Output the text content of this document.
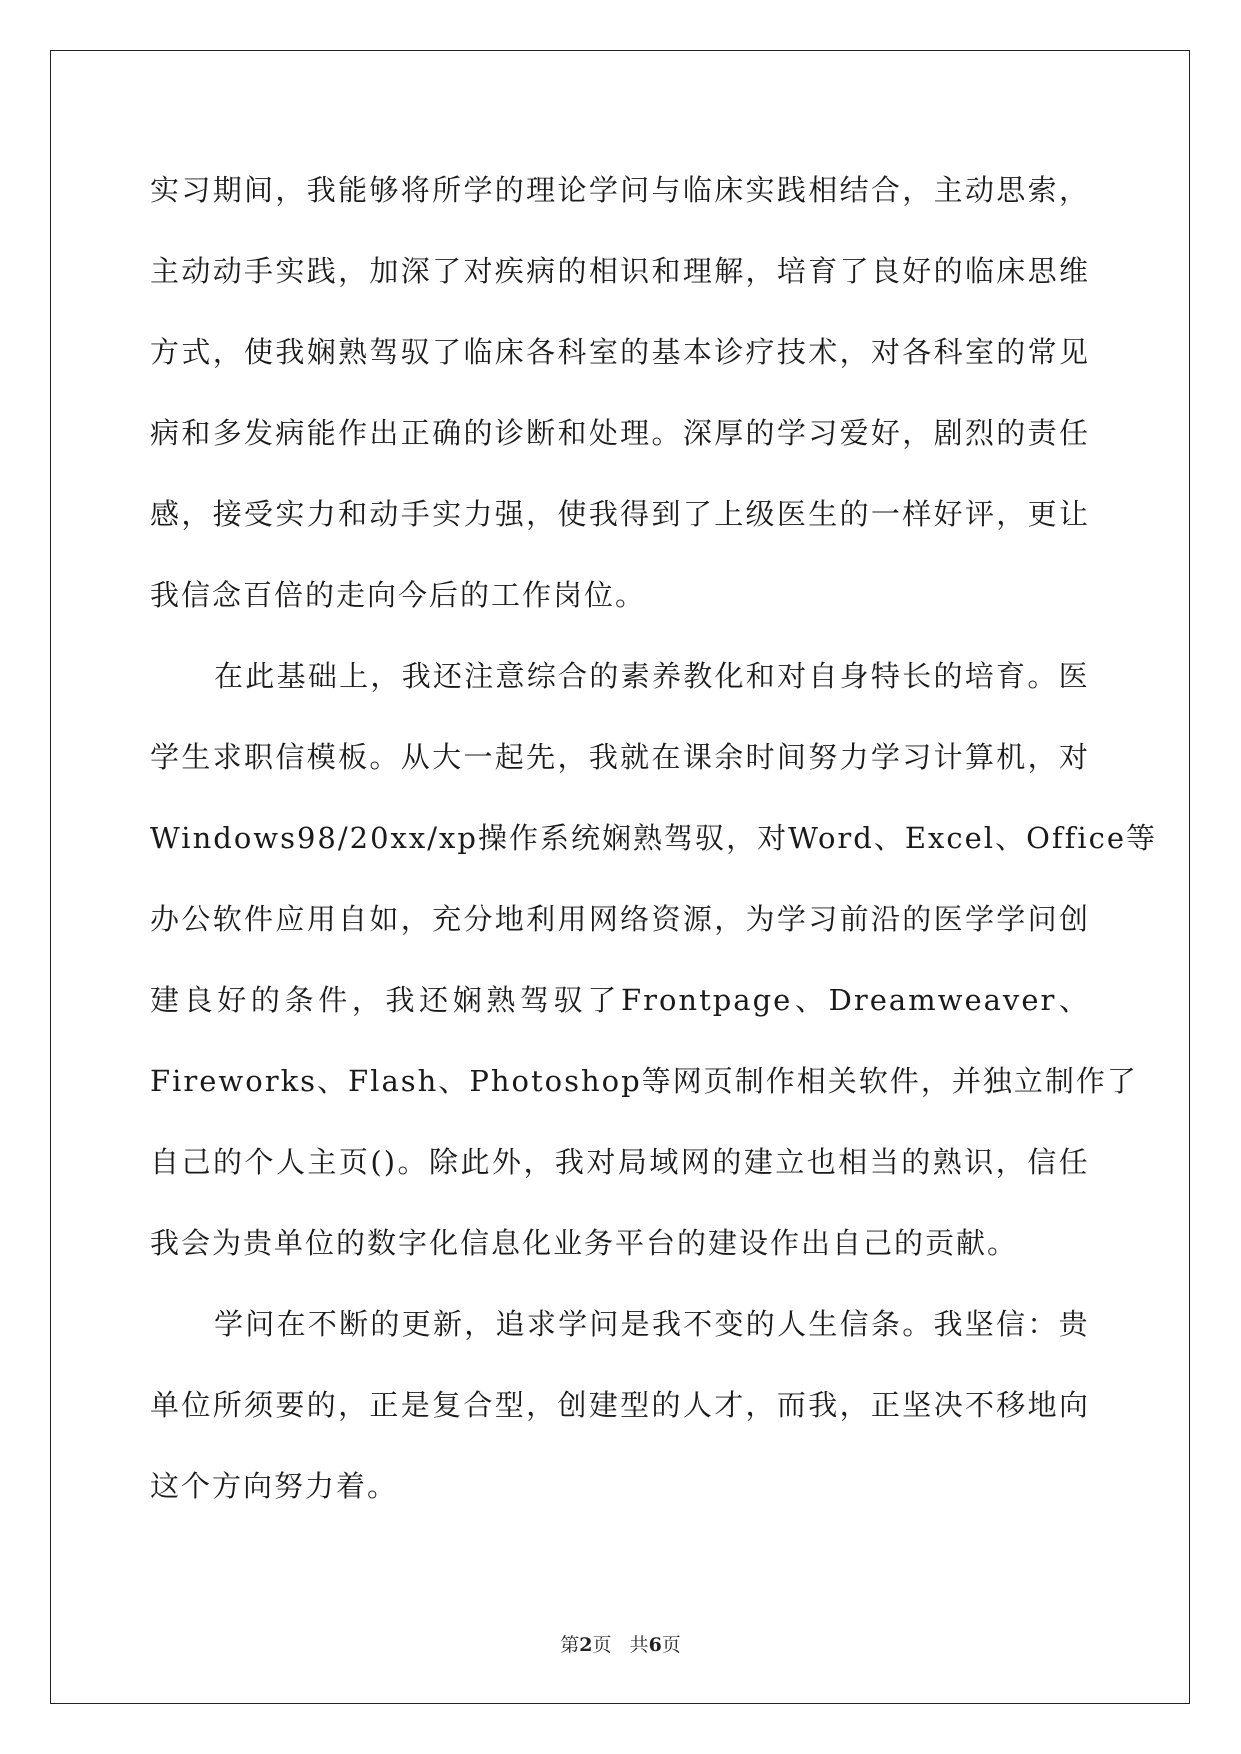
实 习 期 间 ， 我 能 够 将 所 学 的 理 论 学 问 与 临 床 实 践 相 结 合 ， 主 动 思 索 ，
主 动 动 手 实 践 ， 加 深 了 对 疾 病 的 相 识 和 理 解 ， 培 育 了 良 好 的 临 床 思 维
方 式 ， 使 我 娴 熟 驾 驭 了 临 床 各 科 室 的 基 本 诊 疗 技 术 ， 对 各 科 室 的 常 见
病 和 多 发 病 能 作 出 正 确 的 诊 断 和 处 理 。 深 厚 的 学 习 爱 好 ， 剧 烈 的 责 任
感 ， 接 受 实 力 和 动 手 实 力 强 ， 使 我 得 到 了 上 级 医 生 的 一 样 好 评 ， 更 让
我信念百倍的走向今后的工作岗位。
在 此 基 础 上 ， 我 还 注 意 综 合 的 素 养 教 化 和 对 自 身 特 长 的 培 育 。 医
学 生 求 职 信 模 板 。 从 大 一 起 先 ， 我 就 在 课 余 时 间 努 力 学 习 计 算 机 ， 对
Windows98/20xx/xp 操 作 系 统 娴 熟 驾 驭 ， 对 Word 、 Excel 、 Office 等
办 公 软 件 应 用 自 如 ， 充 分 地 利 用 网 络 资 源 ， 为 学 习 前 沿 的 医 学 学 问 创
建 良 好 的 条 件 ， 我 还 娴 熟 驾 驭 了 Frontpage 、 Dreamweaver 、
Fireworks 、 Flash 、 Photoshop 等 网 页 制 作 相 关 软 件 ， 并 独 立 制 作 了
自 己 的 个 人 主 页 () 。 除 此 外 ， 我 对 局 域 网 的 建 立 也 相 当 的 熟 识 ， 信 任
我会为贵单位的数字化信息化业务平台的建设作出自己的贡献。
学 问 在 不 断 的 更 新 ， 追 求 学 问 是 我 不 变 的 人 生 信 条 。 我 坚 信 ： 贵
单 位 所 须 要 的 ， 正 是 复 合 型 ， 创 建 型 的 人 才 ， 而 我 ， 正 坚 决 不 移 地 向
这个方向努力着。
第2页   共6页
